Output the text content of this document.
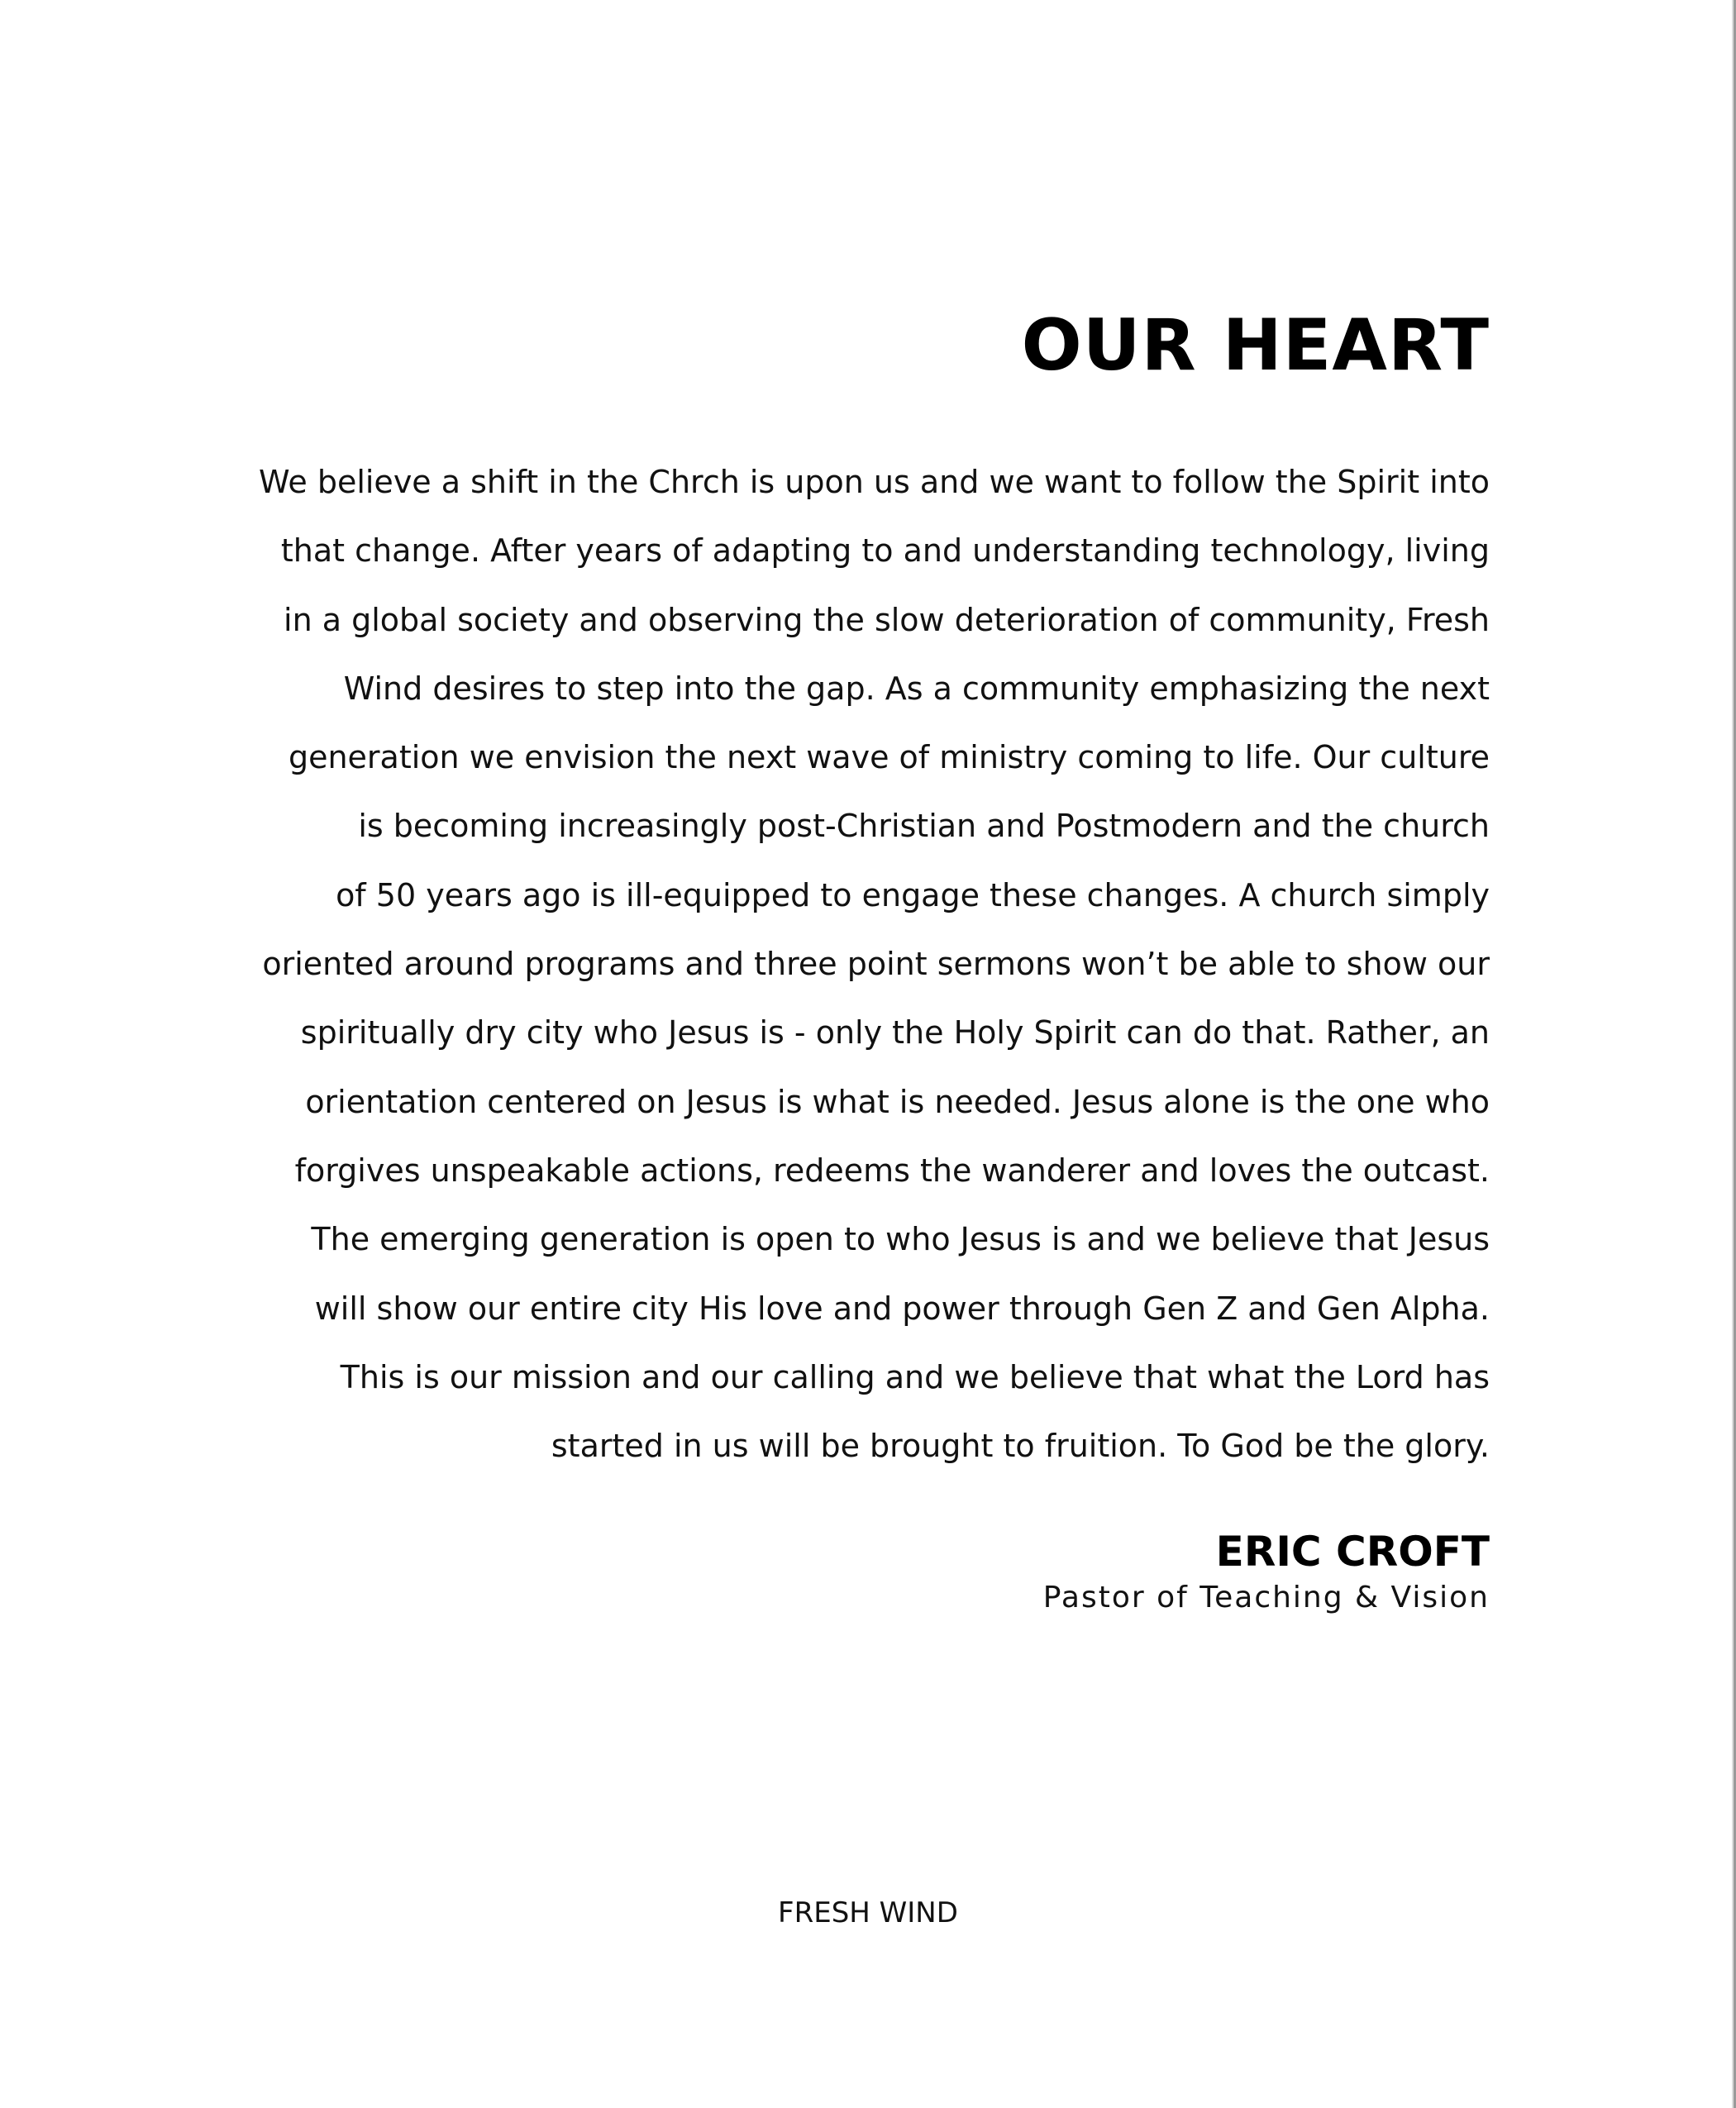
OUR HEART
We believe a shift in the Chrch is upon us and we want to follow the Spirit into
that change. After years of adapting to and understanding technology, living
in a global society and observing the slow deterioration of community, Fresh
Wind desires to step into the gap. As a community emphasizing the next
generation we envision the next wave of ministry coming to life. Our culture
is becoming increasingly post-Christian and Postmodern and the church
of 50 years ago is ill-equipped to engage these changes. A church simply
oriented around programs and three point sermons won’t be able to show our
spiritually dry city who Jesus is - only the Holy Spirit can do that. Rather, an
orientation centered on Jesus is what is needed. Jesus alone is the one who
forgives unspeakable actions, redeems the wanderer and loves the outcast.
The emerging generation is open to who Jesus is and we believe that Jesus
will show our entire city His love and power through Gen Z and Gen Alpha.
This is our mission and our calling and we believe that what the Lord has
started in us will be brought to fruition. To God be the glory.
ERIC CROFT
Pastor of Teaching & Vision
FRESH WIND
